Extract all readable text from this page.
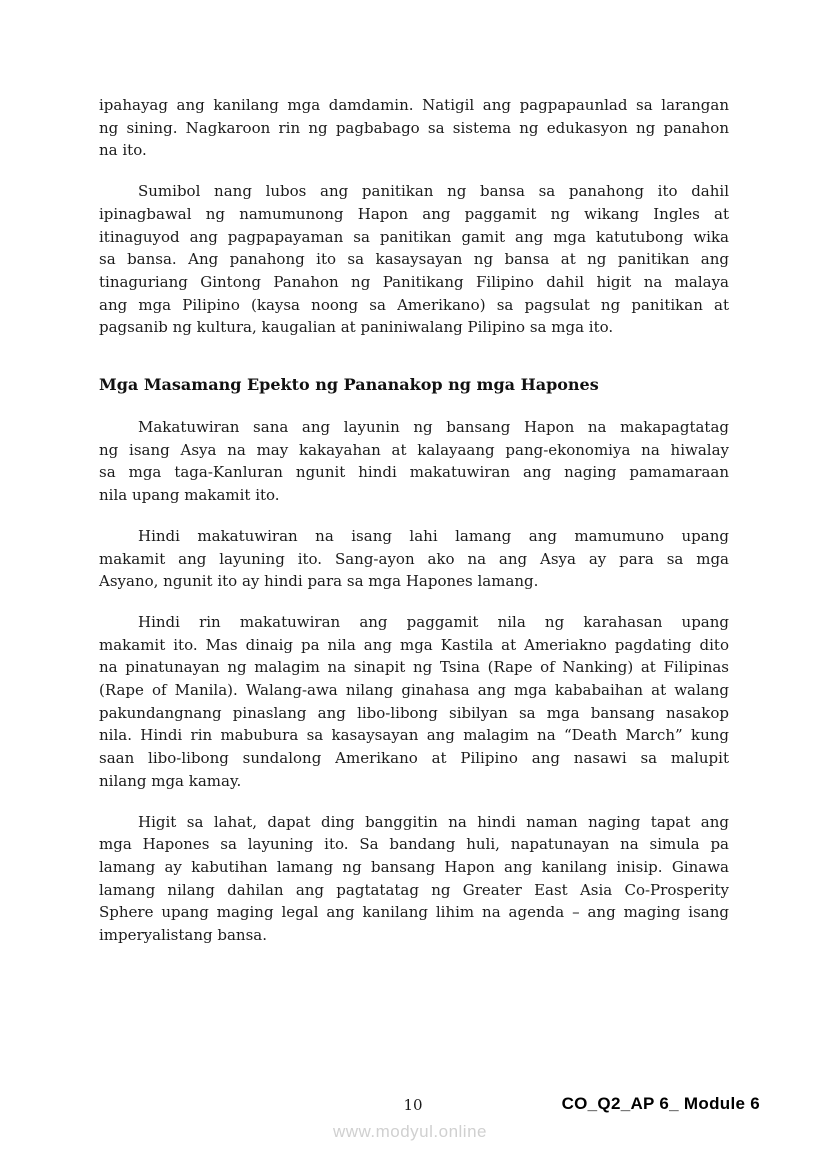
ipahayag ang kanilang mga damdamin. Natigil ang pagpapaunlad sa larangan
ng sining. Nagkaroon rin ng pagbabago sa sistema ng edukasyon ng panahon
na ito.
Sumibol nang lubos ang panitikan ng bansa sa panahong ito dahil
ipinagbawal ng namumunong Hapon ang paggamit ng wikang Ingles at
itinaguyod ang pagpapayaman sa panitikan gamit ang mga katutubong wika
sa bansa. Ang panahong ito sa kasaysayan ng bansa at ng panitikan ang
tinaguriang Gintong Panahon ng Panitikang Filipino dahil higit na malaya
ang mga Pilipino (kaysa noong sa Amerikano) sa pagsulat ng panitikan at
pagsanib ng kultura, kaugalian at paniniwalang Pilipino sa mga ito.
Mga Masamang Epekto ng Pananakop ng mga Hapones
Makatuwiran sana ang layunin ng bansang Hapon na makapagtatag
ng isang Asya na may kakayahan at kalayaang pang-ekonomiya na hiwalay
sa mga taga-Kanluran ngunit hindi makatuwiran ang naging pamamaraan
nila upang makamit ito.
Hindi makatuwiran na isang lahi lamang ang mamumuno upang
makamit ang layuning ito. Sang-ayon ako na ang Asya ay para sa mga
Asyano, ngunit ito ay hindi para sa mga Hapones lamang.
Hindi rin makatuwiran ang paggamit nila ng karahasan upang
makamit ito. Mas dinaig pa nila ang mga Kastila at Ameriakno pagdating dito
na pinatunayan ng malagim na sinapit ng Tsina (Rape of Nanking) at Filipinas
(Rape of Manila). Walang-awa nilang ginahasa ang mga kababaihan at walang
pakundangnang pinaslang ang libo-libong sibilyan sa mga bansang nasakop
nila. Hindi rin mabubura sa kasaysayan ang malagim na “Death March” kung
saan libo-libong sundalong Amerikano at Pilipino ang nasawi sa malupit
nilang mga kamay.
Higit sa lahat, dapat ding banggitin na hindi naman naging tapat ang
mga Hapones sa layuning ito. Sa bandang huli, napatunayan na simula pa
lamang ay kabutihan lamang ng bansang Hapon ang kanilang inisip. Ginawa
lamang nilang dahilan ang pagtatatag ng Greater East Asia Co-Prosperity
Sphere upang maging legal ang kanilang lihim na agenda – ang maging isang
imperyalistang bansa.
10	CO_Q2_AP 6_ Module 6
www.modyul.online
